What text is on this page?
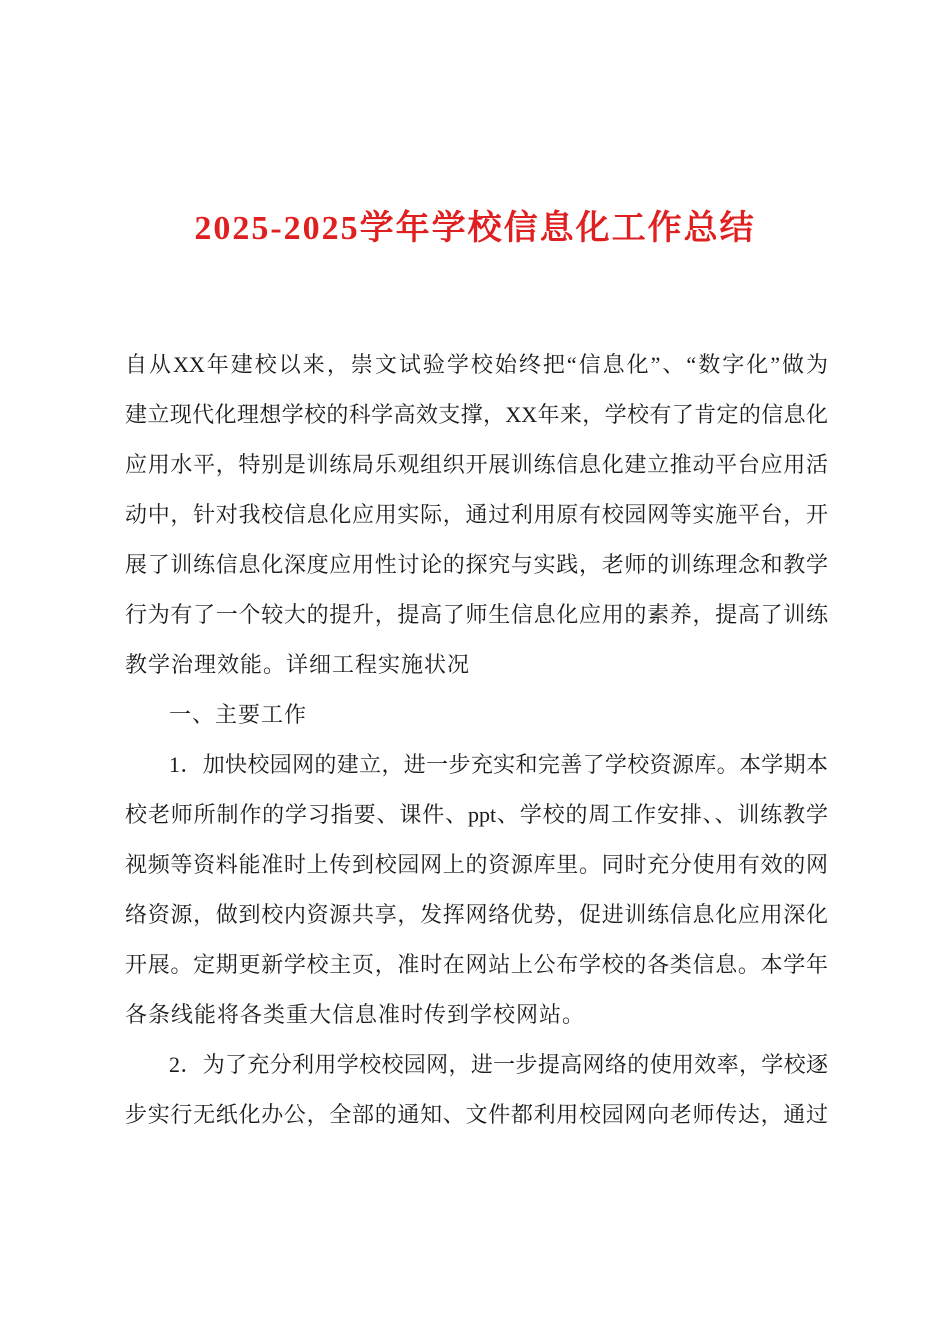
2025-2025学年学校信息化工作总结
自从XX年建校以来，崇文试验学校始终把“信息化”、“数字化”做为
建立现代化理想学校的科学高效支撑，XX年来，学校有了肯定的信息化
应用水平，特别是训练局乐观组织开展训练信息化建立推动平台应用活
动中，针对我校信息化应用实际，通过利用原有校园网等实施平台，开
展了训练信息化深度应用性讨论的探究与实践，老师的训练理念和教学
行为有了一个较大的提升，提高了师生信息化应用的素养，提高了训练
教学治理效能。详细工程实施状况
一、主要工作
1．加快校园网的建立，进一步充实和完善了学校资源库。本学期本
校老师所制作的学习指要、课件、ppt、学校的周工作安排、、训练教学
视频等资料能准时上传到校园网上的资源库里。同时充分使用有效的网
络资源，做到校内资源共享，发挥网络优势，促进训练信息化应用深化
开展。定期更新学校主页，准时在网站上公布学校的各类信息。本学年
各条线能将各类重大信息准时传到学校网站。
2．为了充分利用学校校园网，进一步提高网络的使用效率，学校逐
步实行无纸化办公，全部的通知、文件都利用校园网向老师传达，通过
